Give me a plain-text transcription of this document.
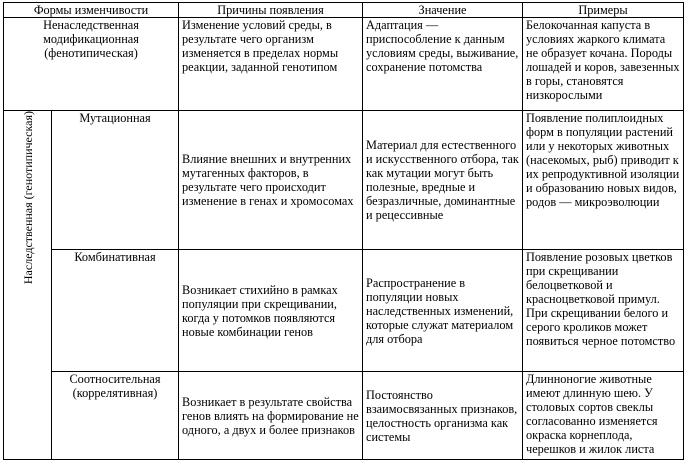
Формы изменчивости		Причины появления	Значение	Примеры

Ненаследственная модификационная (фенотипическая)		Изменение условий среды, в результате чего организм изменяется в пределах нормы реакции, заданной генотипом	Адаптация — приспособление к данным условиям среды, выживание, сохранение потомства	Белокочанная капуста в условиях жаркого климата не образует кочана. Породы лошадей и коров, завезенных в горы, становятся низкорослыми
Наследственная (генотипическая)	Мутационная	Влияние внешних и внутренних мутагенных факторов, в результате чего происходит изменение в генах и хромосомах	Материал для естественного и искусственного отбора, так как мутации могут быть полезные, вредные и безразличные, доминантные и рецессивные	Появление полиплоидных форм в популяции растений или у некоторых животных (насекомых, рыб) приводит к их репродуктивной изоляции и образованию новых видов, родов — микроэволюции
	Комбинативная	Возникает стихийно в рамках популяции при скрещивании, когда у потомков появляются новые комбинации генов	Распространение в популяции новых наследственных изменений, которые служат материалом для отбора	Появление розовых цветков при скрещивании белоцветковой и красноцветковой примул. При скрещивании белого и серого кроликов может появиться черное потомство
	Соотносительная (коррелятивная)	Возникает в результате свойства генов влиять на формирование не одного, а двух и более признаков	Постоянство взаимосвязанных признаков, целостность организма как системы	Длинноногие животные имеют длинную шею. У столовых сортов свеклы согласованно изменяется окраска корнеплода, черешков и жилок листа
